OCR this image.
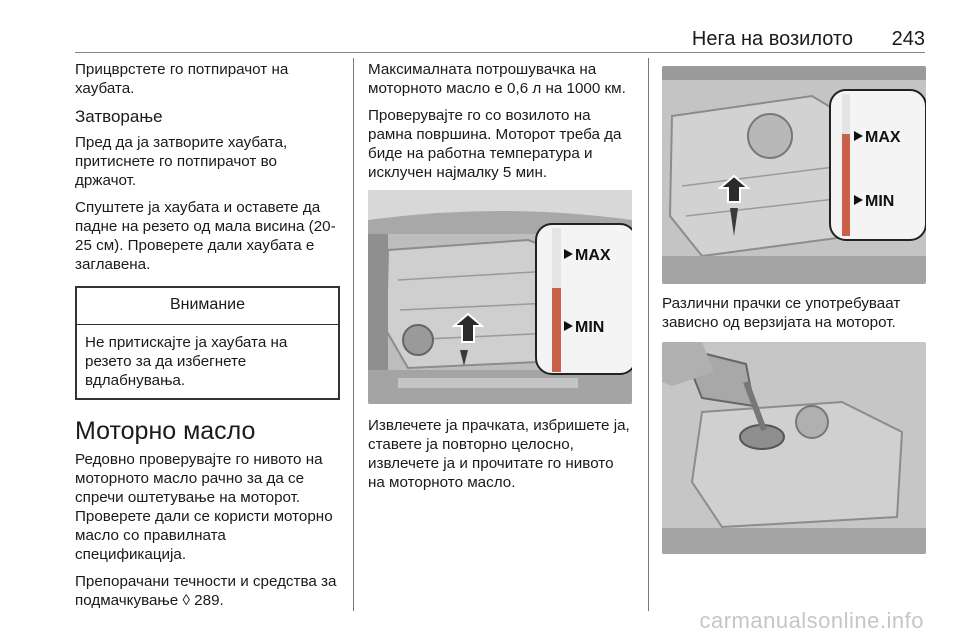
Нега на возилото 243

Прицврстете го потпирачот на хаубата.

Затворање

Пред да ја затворите хаубата, притиснете го потпирачот во држачот.

Спуштете ја хаубата и оставете да падне на резето од мала висина (20-25 см). Проверете дали хаубата е заглавена.

Внимание
Не притискајте ја хаубата на резето за да избегнете вдлабнувања.
Моторно масло

Редовно проверувајте го нивото на моторното масло рачно за да се спречи оштетување на моторот. Проверете дали се користи моторно масло со правилната спецификација.

Препорачани течности и средства за подмачкување ◊ 289.

Максималната потрошувачка на моторното масло е 0,6 л на 1000 км.

Проверувајте го со возилото на рамна површина. Моторот треба да биде на работна температура и исклучен најмалку 5 мин.

MAX
MIN

Извлечете ја прачката, избришете ја, ставете ја повторно целосно, извлечете ја и прочитате го нивото на моторното масло.

MAX
MIN

Различни прачки се употребуваат зависно од верзијата на моторот.

carmanualsonline.info
